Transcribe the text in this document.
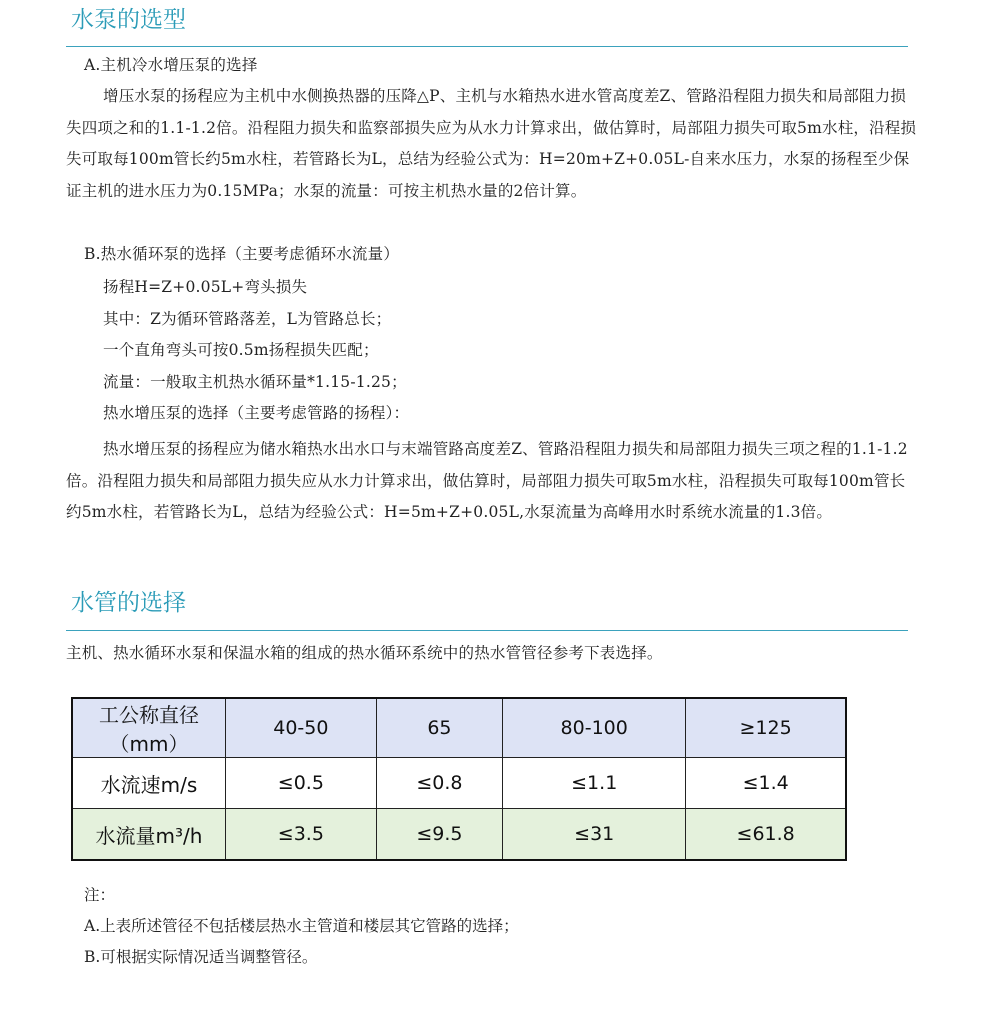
水泵的选型

A.主机冷水增压泵的选择

增压水泵的扬程应为主机中水侧换热器的压降△P、主机与水箱热水进水管高度差Z、管路沿程阻力损失和局部阻力损失四项之和的1.1-1.2倍。沿程阻力损失和监察部损失应为从水力计算求出，做估算时，局部阻力损失可取5m水柱，沿程损失可取每100m管长约5m水柱，若管路长为L，总结为经验公式为：H=20m+Z+0.05L-自来水压力，水泵的扬程至少保证主机的进水压力为0.15MPa；水泵的流量：可按主机热水量的2倍计算。

B.热水循环泵的选择（主要考虑循环水流量）

扬程H=Z+0.05L+弯头损失

其中：Z为循环管路落差，L为管路总长；

一个直角弯头可按0.5m扬程损失匹配；

流量：一般取主机热水循环量*1.15-1.25；

热水增压泵的选择（主要考虑管路的扬程）：

热水增压泵的扬程应为储水箱热水出水口与末端管路高度差Z、管路沿程阻力损失和局部阻力损失三项之程的1.1-1.2倍。沿程阻力损失和局部阻力损失应从水力计算求出，做估算时，局部阻力损失可取5m水柱，沿程损失可取每100m管长约5m水柱，若管路长为L，总结为经验公式：H=5m+Z+0.05L,水泵流量为高峰用水时系统水流量的1.3倍。

水管的选择

主机、热水循环水泵和保温水箱的组成的热水循环系统中的热水管管径参考下表选择。

工公称直径（mm）	40-50	65	80-100	≥125
水流速m/s	≤0.5	≤0.8	≤1.1	≤1.4
水流量m³/h	≤3.5	≤9.5	≤31	≤61.8
注：
A.上表所述管径不包括楼层热水主管道和楼层其它管路的选择；
B.可根据实际情况适当调整管径。
